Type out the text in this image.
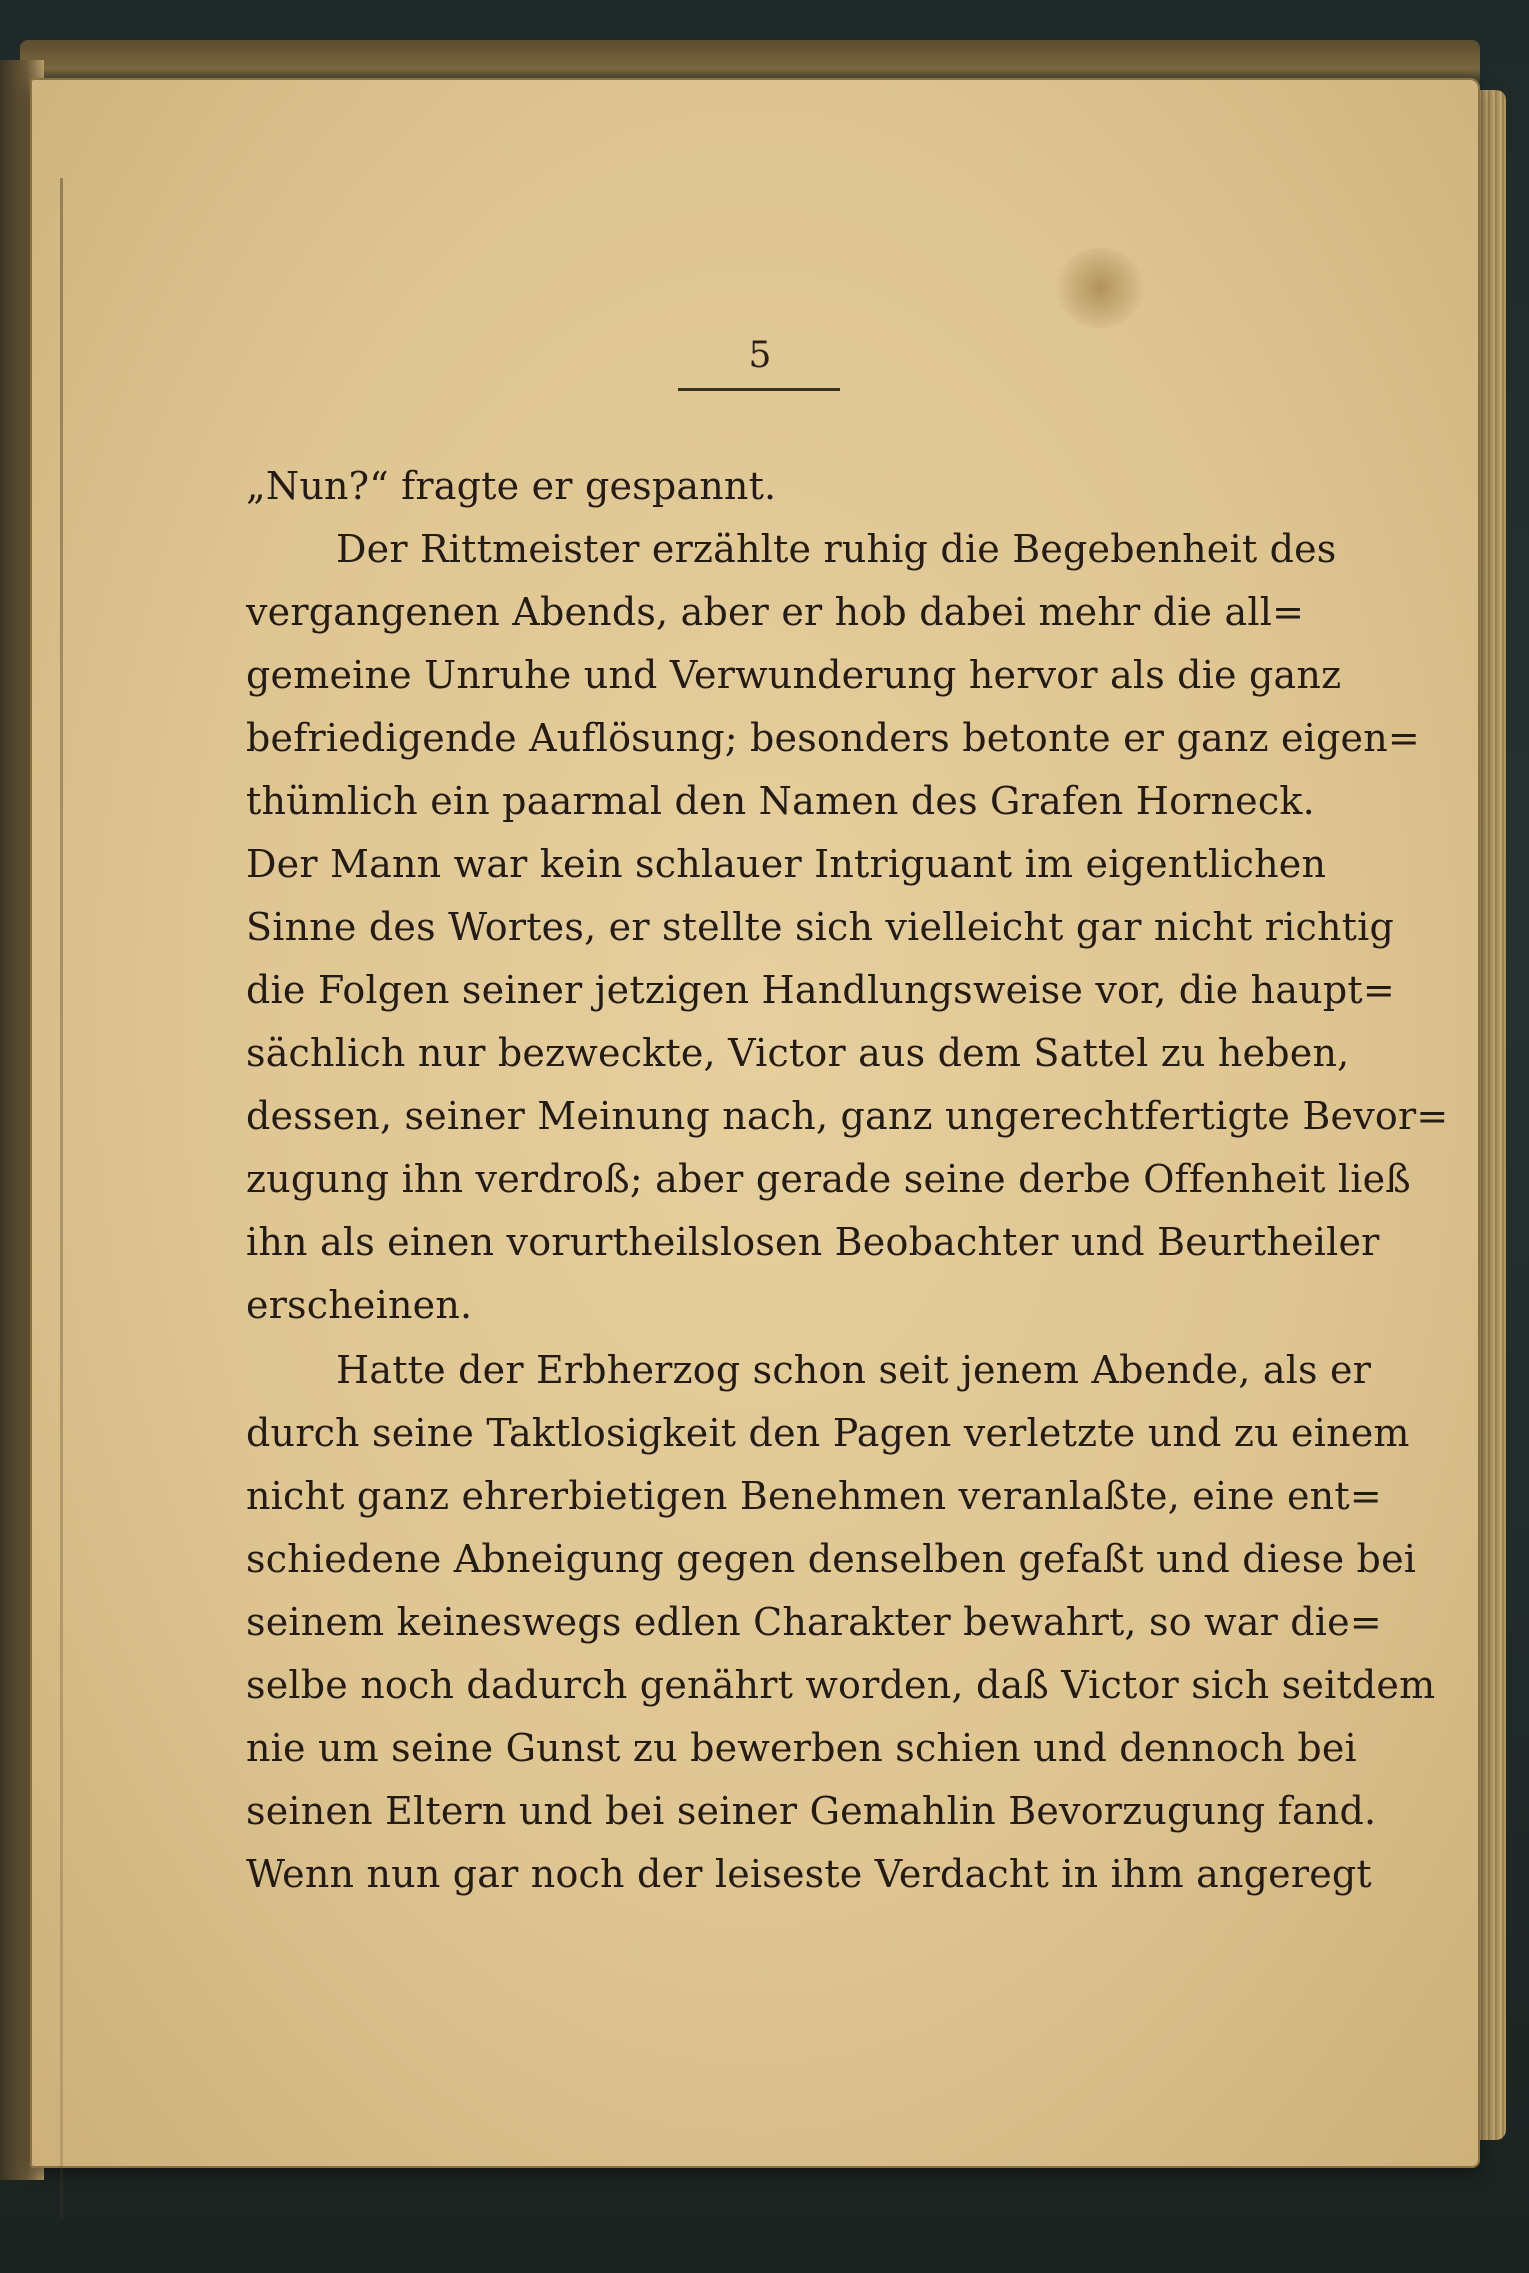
5
„Nun?“ fragte er gespannt.
Der Rittmeister erzählte ruhig die Begebenheit des
vergangenen Abends, aber er hob dabei mehr die all=
gemeine Unruhe und Verwunderung hervor als die ganz
befriedigende Auflösung; besonders betonte er ganz eigen=
thümlich ein paarmal den Namen des Grafen Horneck.
Der Mann war kein schlauer Intriguant im eigentlichen
Sinne des Wortes, er stellte sich vielleicht gar nicht richtig
die Folgen seiner jetzigen Handlungsweise vor, die haupt=
sächlich nur bezweckte, Victor aus dem Sattel zu heben,
dessen, seiner Meinung nach, ganz ungerechtfertigte Bevor=
zugung ihn verdroß; aber gerade seine derbe Offenheit ließ
ihn als einen vorurtheilslosen Beobachter und Beurtheiler
erscheinen.
Hatte der Erbherzog schon seit jenem Abende, als er
durch seine Taktlosigkeit den Pagen verletzte und zu einem
nicht ganz ehrerbietigen Benehmen veranlaßte, eine ent=
schiedene Abneigung gegen denselben gefaßt und diese bei
seinem keineswegs edlen Charakter bewahrt, so war die=
selbe noch dadurch genährt worden, daß Victor sich seitdem
nie um seine Gunst zu bewerben schien und dennoch bei
seinen Eltern und bei seiner Gemahlin Bevorzugung fand.
Wenn nun gar noch der leiseste Verdacht in ihm angeregt
